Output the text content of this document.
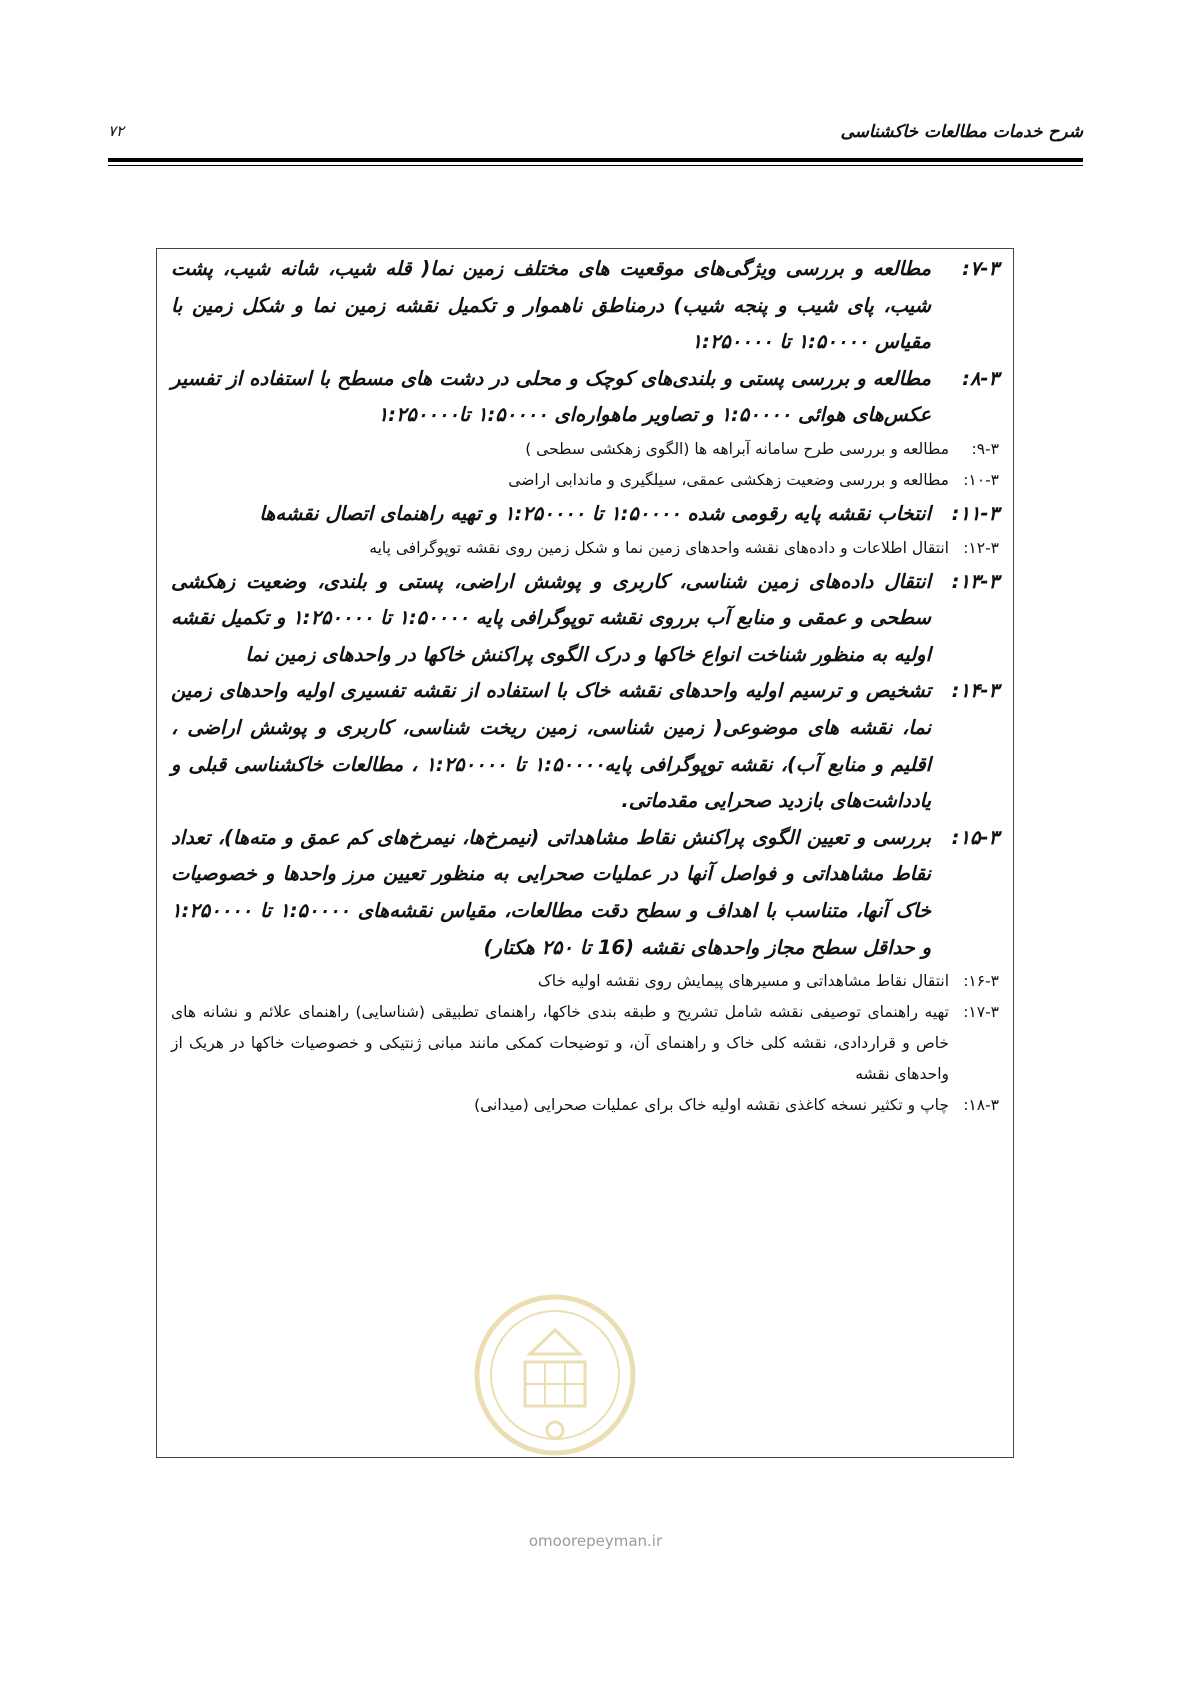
شرح خدمات مطالعات خاکشناسی
۷۲
۷-۳:
مطالعه و بررسی ویژگی‌های موقعیت های مختلف زمین نما( قله شیب، شانه شیب، پشت شیب، پای شیب و پنجه شیب) درمناطق ناهموار و تکمیل نقشه زمین نما و شکل زمین با مقیاس ۱:۵۰۰۰۰ تا ۱:۲۵۰۰۰۰
۸-۳:
مطالعه و بررسی پستی و بلندی‌های کوچک و محلی در دشت های مسطح با استفاده از تفسیر عکس‌های هوائی ۱:۵۰۰۰۰ و تصاویر ماهواره‌ای ۱:۵۰۰۰۰ تا۱:۲۵۰۰۰۰
۹-۳:
مطالعه و بررسی طرح سامانه آبراهه ها (الگوی زهکشی سطحی )
۱۰-۳:
مطالعه و بررسی وضعیت زهکشی عمقی، سیلگیری و ماندابی اراضی
۱۱-۳:
انتخاب نقشه پایه رقومی شده ۱:۵۰۰۰۰ تا ۱:۲۵۰۰۰۰ و تهیه راهنمای اتصال نقشه‌ها
۱۲-۳:
انتقال اطلاعات و داده‌های نقشه واحدهای زمین نما و شکل زمین روی نقشه توپوگرافی پایه
۱۳-۳:
انتقال داده‌های زمین شناسی، کاربری و پوشش اراضی، پستی و بلندی، وضعیت زهکشی سطحی و عمقی و منابع آب برروی نقشه توپوگرافی پایه ۱:۵۰۰۰۰ تا ۱:۲۵۰۰۰۰ و تکمیل نقشه اولیه به منظور شناخت انواع خاکها و درک الگوی پراکنش خاکها در واحدهای زمین نما
۱۴-۳:
تشخیص و ترسیم اولیه واحدهای نقشه خاک با استفاده از نقشه تفسیری اولیه واحدهای زمین نما، نقشه های موضوعی( زمین شناسی، زمین ریخت شناسی، کاربری و پوشش اراضی ، اقلیم و منابع آب)، نقشه توپوگرافی پایه۱:۵۰۰۰۰ تا ۱:۲۵۰۰۰۰ ، مطالعات خاکشناسی قبلی و یادداشت‌های بازدید صحرایی مقدماتی.
۱۵-۳:
بررسی و تعیین الگوی پراکنش نقاط مشاهداتی (نیمرخ‌ها، نیمرخ‌های کم عمق و مته‌ها)، تعداد نقاط مشاهداتی و فواصل آنها در عملیات صحرایی به منظور تعیین مرز واحدها و خصوصیات خاک آنها، متناسب با اهداف و سطح دقت مطالعات، مقیاس نقشه‌های ۱:۵۰۰۰۰ تا ۱:۲۵۰۰۰۰ و حداقل سطح مجاز واحدهای نقشه (16 تا ۲۵۰ هکتار)
۱۶-۳:
انتقال نقاط مشاهداتی و مسیرهای پیمایش روی نقشه اولیه خاک
۱۷-۳:
تهیه راهنمای توصیفی نقشه شامل تشریح و طبقه بندی خاکها، راهنمای تطبیقی (شناسایی) راهنمای علائم و نشانه های خاص و قراردادی، نقشه کلی خاک و راهنمای آن، و توضیحات کمکی مانند مبانی ژنتیکی و خصوصیات خاکها در هریک از واحدهای نقشه
۱۸-۳:
چاپ و تکثیر نسخه کاغذی نقشه اولیه خاک برای عملیات صحرایی (میدانی)
omoorepeyman.ir
